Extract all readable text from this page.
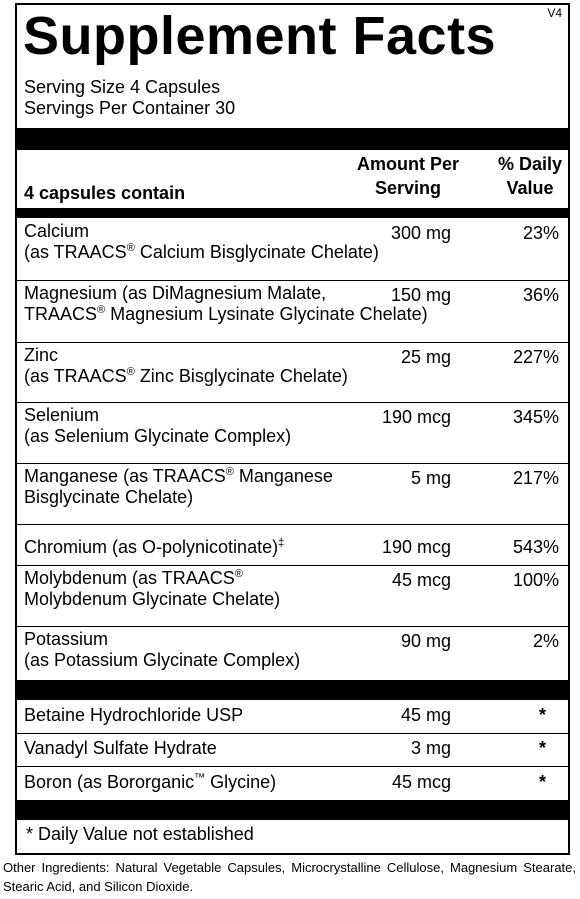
Supplement Facts	V4
Serving Size 4 Capsules
Servings Per Container 30
4 capsules contain
Amount Per
Serving
% Daily
Value
Calcium
(as TRAACS® Calcium Bisglycinate Chelate)
300 mg	23%
Magnesium (as DiMagnesium Malate,
TRAACS® Magnesium Lysinate Glycinate Chelate)
150 mg	36%
Zinc
(as TRAACS® Zinc Bisglycinate Chelate)
25 mg	227%
Selenium
(as Selenium Glycinate Complex)
190 mcg	345%
Manganese (as TRAACS® Manganese
Bisglycinate Chelate)
5 mg	217%
Chromium (as O-polynicotinate)‡	190 mcg	543%
Molybdenum (as TRAACS®
Molybdenum Glycinate Chelate)
45 mcg	100%
Potassium
(as Potassium Glycinate Complex)
90 mg	2%
Betaine Hydrochloride USP	45 mg	*
Vanadyl Sulfate Hydrate	3 mg	*
Boron (as Bororganic™ Glycine)	45 mcg	*
* Daily Value not established
Other Ingredients: Natural Vegetable Capsules, Microcrystalline Cellulose, Magnesium Stearate, Stearic Acid, and Silicon Dioxide.
